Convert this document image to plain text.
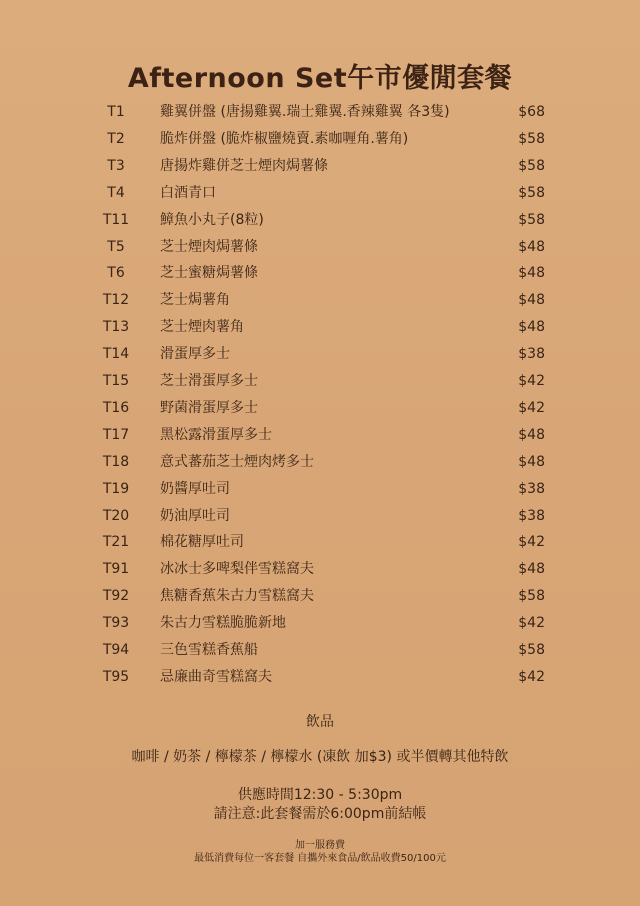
Afternoon Set午市優閒套餐
T1	雞翼併盤 (唐揚雞翼.瑞士雞翼.香辣雞翼 各3隻)	$68
T2	脆炸併盤 (脆炸椒鹽燒賣.素咖喱角.薯角)	$58
T3	唐揚炸雞併芝士煙肉焗薯條	$58
T4	白酒青口	$58
T11	鱆魚小丸子(8粒)	$58
T5	芝士煙肉焗薯條	$48
T6	芝士蜜糖焗薯條	$48
T12	芝士焗薯角	$48
T13	芝士煙肉薯角	$48
T14	滑蛋厚多士	$38
T15	芝士滑蛋厚多士	$42
T16	野菌滑蛋厚多士	$42
T17	黑松露滑蛋厚多士	$48
T18	意式蕃茄芝士煙肉烤多士	$48
T19	奶醬厚吐司	$38
T20	奶油厚吐司	$38
T21	棉花糖厚吐司	$42
T91	冰冰士多啤梨伴雪糕窩夫	$48
T92	焦糖香蕉朱古力雪糕窩夫	$58
T93	朱古力雪糕脆脆新地	$42
T94	三色雪糕香蕉船	$58
T95	忌廉曲奇雪糕窩夫	$42
飲品
咖啡 / 奶茶 / 檸檬茶 / 檸檬水 (凍飲 加$3) 或半價轉其他特飲
供應時間12:30 - 5:30pm
請注意:此套餐需於6:00pm前結帳
加一服務費
最低消費每位一客套餐 自攜外來食品/飲品收費50/100元
